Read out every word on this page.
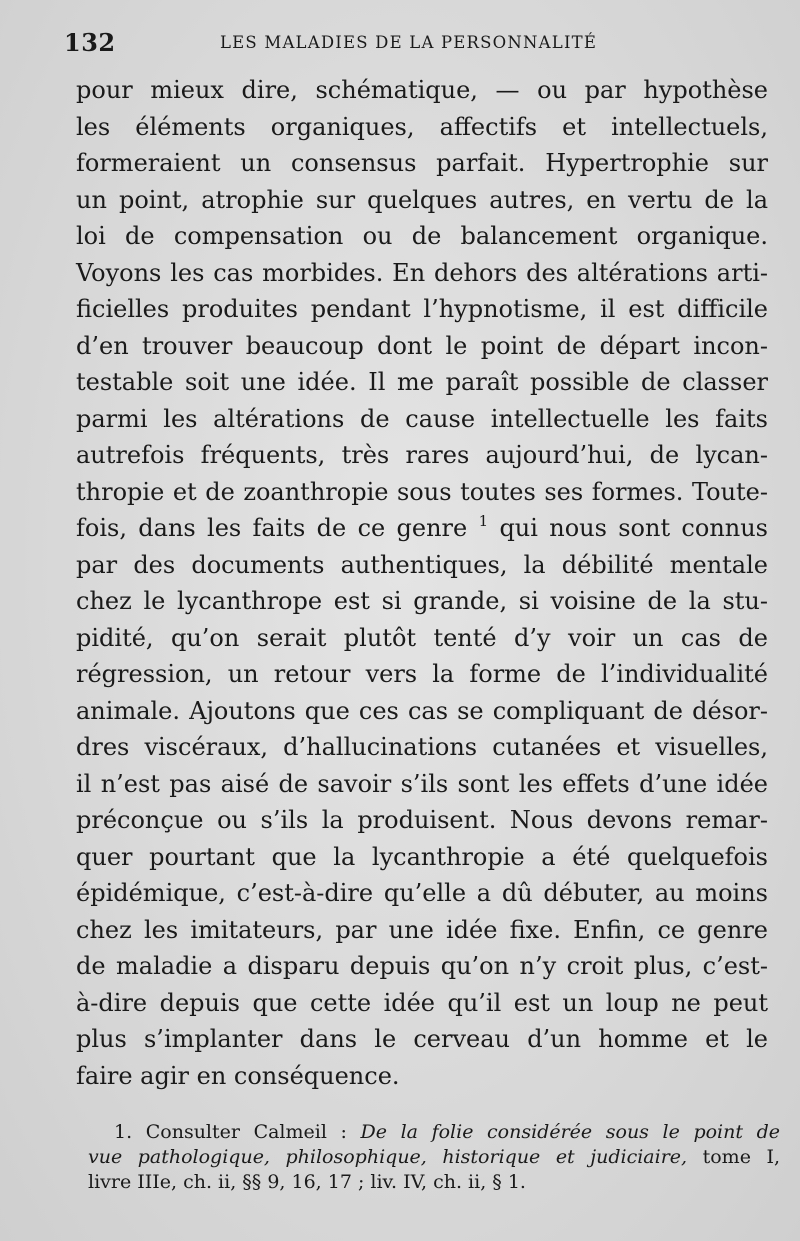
132	LES MALADIES DE LA PERSONNALITÉ
pour mieux dire, schématique, — ou par hypothèse
les éléments organiques, affectifs et intellectuels,
formeraient un consensus parfait. Hypertrophie sur
un point, atrophie sur quelques autres, en vertu de la
loi de compensation ou de balancement organique.
Voyons les cas morbides. En dehors des altérations arti-
ficielles produites pendant l’hypnotisme, il est difficile
d’en trouver beaucoup dont le point de départ incon-
testable soit une idée. Il me paraît possible de classer
parmi les altérations de cause intellectuelle les faits
autrefois fréquents, très rares aujourd’hui, de lycan-
thropie et de zoanthropie sous toutes ses formes. Toute-
fois, dans les faits de ce genre $^1$ qui nous sont connus
par des documents authentiques, la débilité mentale
chez le lycanthrope est si grande, si voisine de la stu-
pidité, qu’on serait plutôt tenté d’y voir un cas de
régression, un retour vers la forme de l’individualité
animale. Ajoutons que ces cas se compliquant de désor-
dres viscéraux, d’hallucinations cutanées et visuelles,
il n’est pas aisé de savoir s’ils sont les effets d’une idée
préconçue ou s’ils la produisent. Nous devons remar-
quer pourtant que la lycanthropie a été quelquefois
épidémique, c’est-à-dire qu’elle a dû débuter, au moins
chez les imitateurs, par une idée fixe. Enfin, ce genre
de maladie a disparu depuis qu’on n’y croit plus, c’est-
à-dire depuis que cette idée qu’il est un loup ne peut
plus s’implanter dans le cerveau d’un homme et le
faire agir en conséquence.
1. Consulter Calmeil : De la folie considérée sous le point de
vue pathologique, philosophique, historique et judiciaire, tome I,
livre IIIe, ch. ii, §§ 9, 16, 17 ; liv. IV, ch. ii, § 1.
